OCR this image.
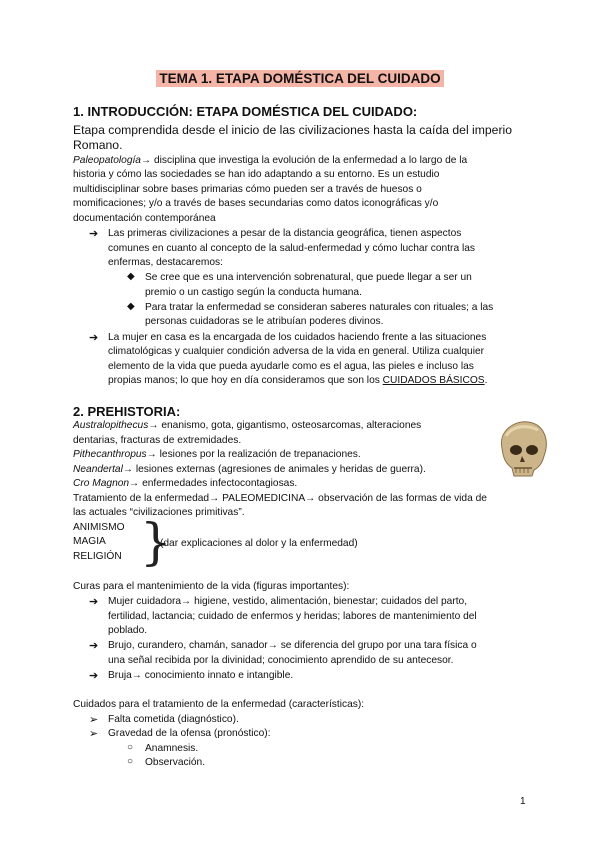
TEMA 1. ETAPA DOMÉSTICA DEL CUIDADO
1. INTRODUCCIÓN: ETAPA DOMÉSTICA DEL CUIDADO:
Etapa comprendida desde el inicio de las civilizaciones hasta la caída del imperio
Romano.
Paleopatología→ disciplina que investiga la evolución de la enfermedad a lo largo de la
historia y cómo las sociedades se han ido adaptando a su entorno. Es un estudio
multidisciplinar sobre bases primarias cómo pueden ser a través de huesos o
momificaciones; y/o a través de bases secundarias como datos iconográficas y/o
documentación contemporánea
➔ Las primeras civilizaciones a pesar de la distancia geográfica, tienen aspectos
comunes en cuanto al concepto de la salud-enfermedad y cómo luchar contra las
enfermas, destacaremos:
◆ Se cree que es una intervención sobrenatural, que puede llegar a ser un
premio o un castigo según la conducta humana.
◆ Para tratar la enfermedad se consideran saberes naturales con rituales; a las
personas cuidadoras se le atribuían poderes divinos.
➔ La mujer en casa es la encargada de los cuidados haciendo frente a las situaciones
climatológicas y cualquier condición adversa de la vida en general. Utiliza cualquier
elemento de la vida que pueda ayudarle como es el agua, las pieles e incluso las
propias manos; lo que hoy en día consideramos que son los CUIDADOS BÁSICOS.
2. PREHISTORIA:
Australopithecus→ enanismo, gota, gigantismo, osteosarcomas, alteraciones
dentarias, fracturas de extremidades.
Pithecanthropus→ lesiones por la realización de trepanaciones.
Neandertal→ lesiones externas (agresiones de animales y heridas de guerra).
Cro Magnon→ enfermedades infectocontagiosas.
Tratamiento de la enfermedad→ PALEOMEDICINA→ observación de las formas de vida de
las actuales “civilizaciones primitivas”.
ANIMISMO
MAGIA
RELIGIÓN }
(dar explicaciones al dolor y la enfermedad)
Curas para el mantenimiento de la vida (figuras importantes):
➔ Mujer cuidadora→ higiene, vestido, alimentación, bienestar; cuidados del parto,
fertilidad, lactancia; cuidado de enfermos y heridas; labores de mantenimiento del
poblado.
➔ Brujo, curandero, chamán, sanador→ se diferencia del grupo por una tara física o
una señal recibida por la divinidad; conocimiento aprendido de su antecesor.
➔ Bruja→ conocimiento innato e intangible.
Cuidados para el tratamiento de la enfermedad (características):
➢ Falta cometida (diagnóstico).
➢ Gravedad de la ofensa (pronóstico):
○ Anamnesis.
○ Observación.
1
